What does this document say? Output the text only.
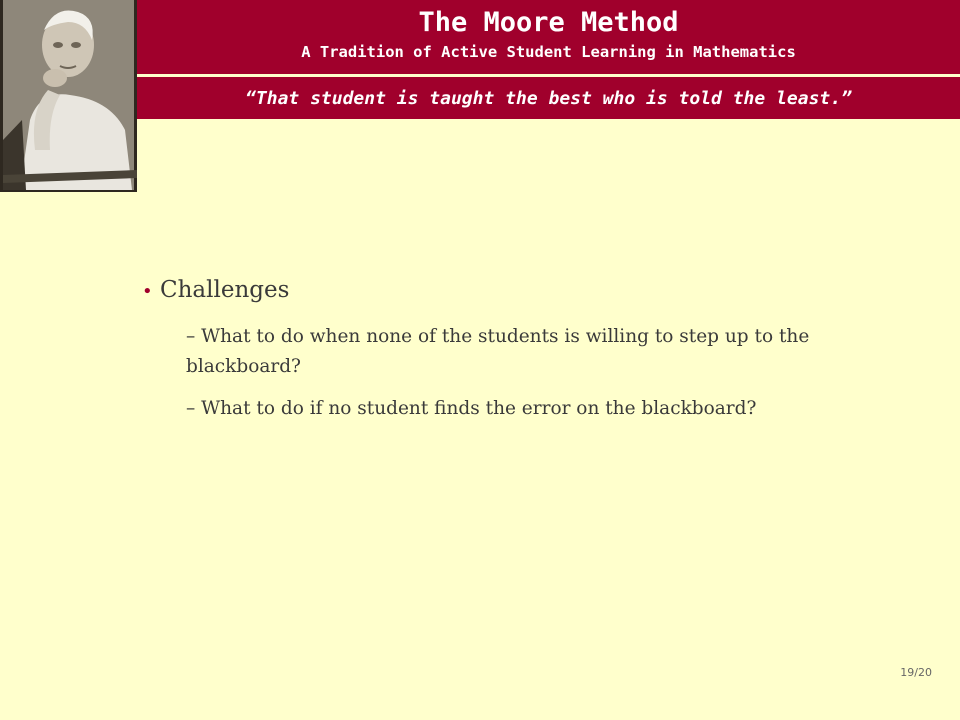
The Moore Method
A Tradition of Active Student Learning in Mathematics
“That student is taught the best who is told the least.”
• Challenges
– What to do when none of the students is willing to step up to the blackboard?
– What to do if no student finds the error on the blackboard?
19/20
